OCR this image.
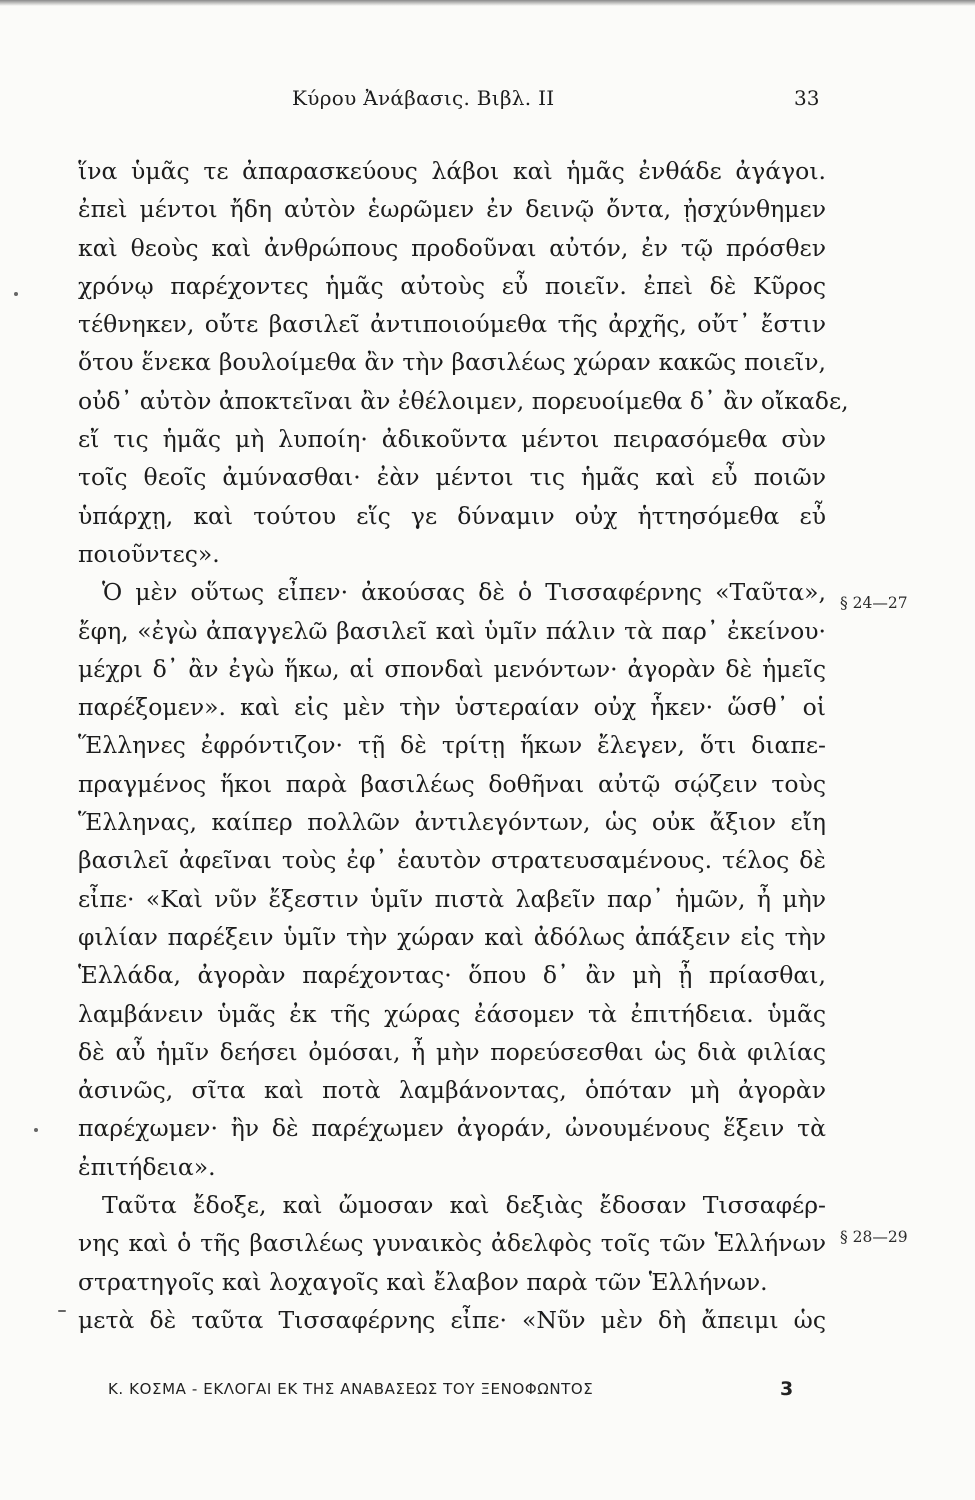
Κύρου Ἀνάβασις. Βιβλ. II	33
ἵνα ὑμᾶς τε ἀπαρασκεύους λάβοι καὶ ἡμᾶς ἐνθάδε ἀγάγοι.
ἐπεὶ μέντοι ἤδη αὐτὸν ἑωρῶμεν ἐν δεινῷ ὄντα, ᾐσχύνθημεν
καὶ θεοὺς καὶ ἀνθρώπους προδοῦναι αὐτόν, ἐν τῷ πρόσθεν
χρόνῳ παρέχοντες ἡμᾶς αὐτοὺς εὖ ποιεῖν. ἐπεὶ δὲ Κῦρος
τέθνηκεν, οὔτε βασιλεῖ ἀντιποιούμεθα τῆς ἀρχῆς, οὔτ᾽ ἔστιν
ὅτου ἕνεκα βουλοίμεθα ἂν τὴν βασιλέως χώραν κακῶς ποιεῖν,
οὐδ᾽ αὐτὸν ἀποκτεῖναι ἂν ἐθέλοιμεν, πορευοίμεθα δ᾽ ἂν οἴκαδε,
εἴ τις ἡμᾶς μὴ λυποίη· ἀδικοῦντα μέντοι πειρασόμεθα σὺν
τοῖς θεοῖς ἀμύνασθαι· ἐὰν μέντοι τις ἡμᾶς καὶ εὖ ποιῶν
ὑπάρχῃ, καὶ τούτου εἵς γε δύναμιν οὐχ ἡττησόμεθα εὖ
ποιοῦντες».
Ὁ μὲν οὕτως εἶπεν· ἀκούσας δὲ ὁ Τισσαφέρνης «Ταῦτα»,
ἔφη, «ἐγὼ ἀπαγγελῶ βασιλεῖ καὶ ὑμῖν πάλιν τὰ παρ᾽ ἐκείνου·
μέχρι δ᾽ ἂν ἐγὼ ἥκω, αἱ σπονδαὶ μενόντων· ἀγορὰν δὲ ἡμεῖς
παρέξομεν». καὶ εἰς μὲν τὴν ὑστεραίαν οὐχ ἧκεν· ὥσθ᾽ οἱ
Ἕλληνες ἐφρόντιζον· τῇ δὲ τρίτῃ ἥκων ἔλεγεν, ὅτι διαπε-
πραγμένος ἥκοι παρὰ βασιλέως δοθῆναι αὐτῷ σῴζειν τοὺς
Ἕλληνας, καίπερ πολλῶν ἀντιλεγόντων, ὡς οὐκ ἄξιον εἴη
βασιλεῖ ἀφεῖναι τοὺς ἐφ᾽ ἑαυτὸν στρατευσαμένους. τέλος δὲ
εἶπε· «Καὶ νῦν ἔξεστιν ὑμῖν πιστὰ λαβεῖν παρ᾽ ἡμῶν, ἦ μὴν
φιλίαν παρέξειν ὑμῖν τὴν χώραν καὶ ἀδόλως ἀπάξειν εἰς τὴν
Ἑλλάδα, ἀγορὰν παρέχοντας· ὅπου δ᾽ ἂν μὴ ᾖ πρίασθαι,
λαμβάνειν ὑμᾶς ἐκ τῆς χώρας ἐάσομεν τὰ ἐπιτήδεια. ὑμᾶς
δὲ αὖ ἡμῖν δεήσει ὀμόσαι, ἦ μὴν πορεύσεσθαι ὡς διὰ φιλίας
ἀσινῶς, σῖτα καὶ ποτὰ λαμβάνοντας, ὁπόταν μὴ ἀγορὰν
παρέχωμεν· ἢν δὲ παρέχωμεν ἀγοράν, ὠνουμένους ἕξειν τὰ
ἐπιτήδεια».
Ταῦτα ἔδοξε, καὶ ὤμοσαν καὶ δεξιὰς ἔδοσαν Τισσαφέρ-
νης καὶ ὁ τῆς βασιλέως γυναικὸς ἀδελφὸς τοῖς τῶν Ἑλλήνων
στρατηγοῖς καὶ λοχαγοῖς καὶ ἔλαβον παρὰ τῶν Ἑλλήνων.
μετὰ δὲ ταῦτα Τισσαφέρνης εἶπε· «Νῦν μὲν δὴ ἄπειμι ὡς
§ 24—27
§ 28—29
Κ. ΚΟΣΜΑ - ΕΚΛΟΓΑΙ ΕΚ ΤΗΣ ΑΝΑΒΑΣΕΩΣ ΤΟΥ ΞΕΝΟΦΩΝΤΟΣ	3
